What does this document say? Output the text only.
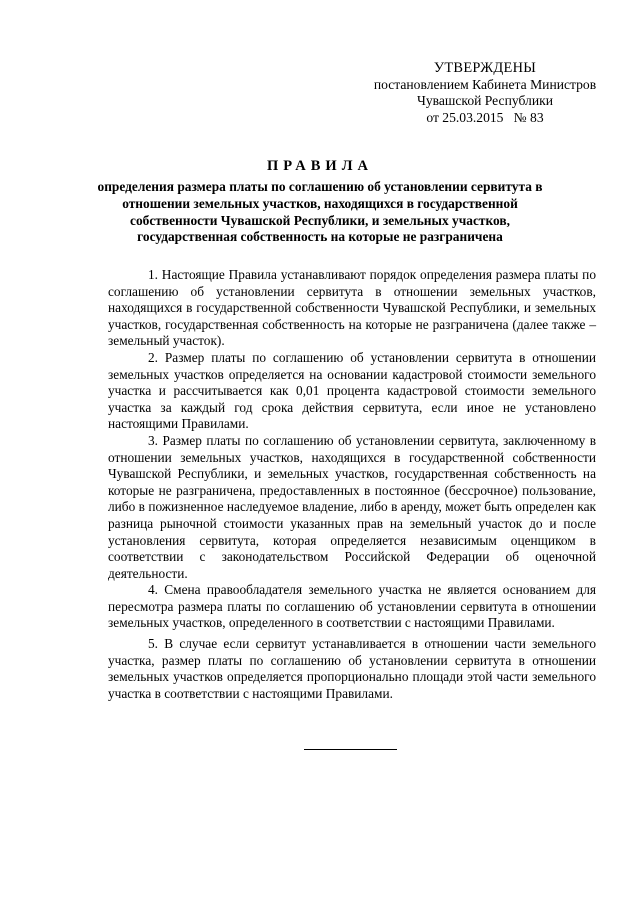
УТВЕРЖДЕНЫ
постановлением Кабинета Министров
Чувашской Республики
от 25.03.2015   № 83
ПРАВИЛА
определения размера платы по соглашению об установлении сервитута в отношении земельных участков, находящихся в государственной собственности Чувашской Республики, и земельных участков, государственная собственность на которые не разграничена

1. Настоящие Правила устанавливают порядок определения размера платы по соглашению об установлении сервитута в отношении земельных участков, находящихся в государственной собственности Чувашской Республики, и земельных участков, государственная собственность на которые не разграничена (далее также – земельный участок).

2. Размер платы по соглашению об установлении сервитута в отношении земельных участков определяется на основании кадастровой стоимости земельного участка и рассчитывается как 0,01 процента кадастровой стоимости земельного участка за каждый год срока действия сервитута, если иное не установлено настоящими Правилами.

3. Размер платы по соглашению об установлении сервитута, заключенному в отношении земельных участков, находящихся в государственной собственности Чувашской Республики, и земельных участков, государственная собственность на которые не разграничена, предоставленных в постоянное (бессрочное) пользование, либо в пожизненное наследуемое владение, либо в аренду, может быть определен как разница рыночной стоимости указанных прав на земельный участок до и после установления сервитута, которая определяется независимым оценщиком в соответствии с законодательством Российской Федерации об оценочной деятельности.

4. Смена правообладателя земельного участка не является основанием для пересмотра размера платы по соглашению об установлении сервитута в отношении земельных участков, определенного в соответствии с настоящими Правилами.

5. В случае если сервитут устанавливается в отношении части земельного участка, размер платы по соглашению об установлении сервитута в отношении земельных участков определяется пропорционально площади этой части земельного участка в соответствии с настоящими Правилами.
